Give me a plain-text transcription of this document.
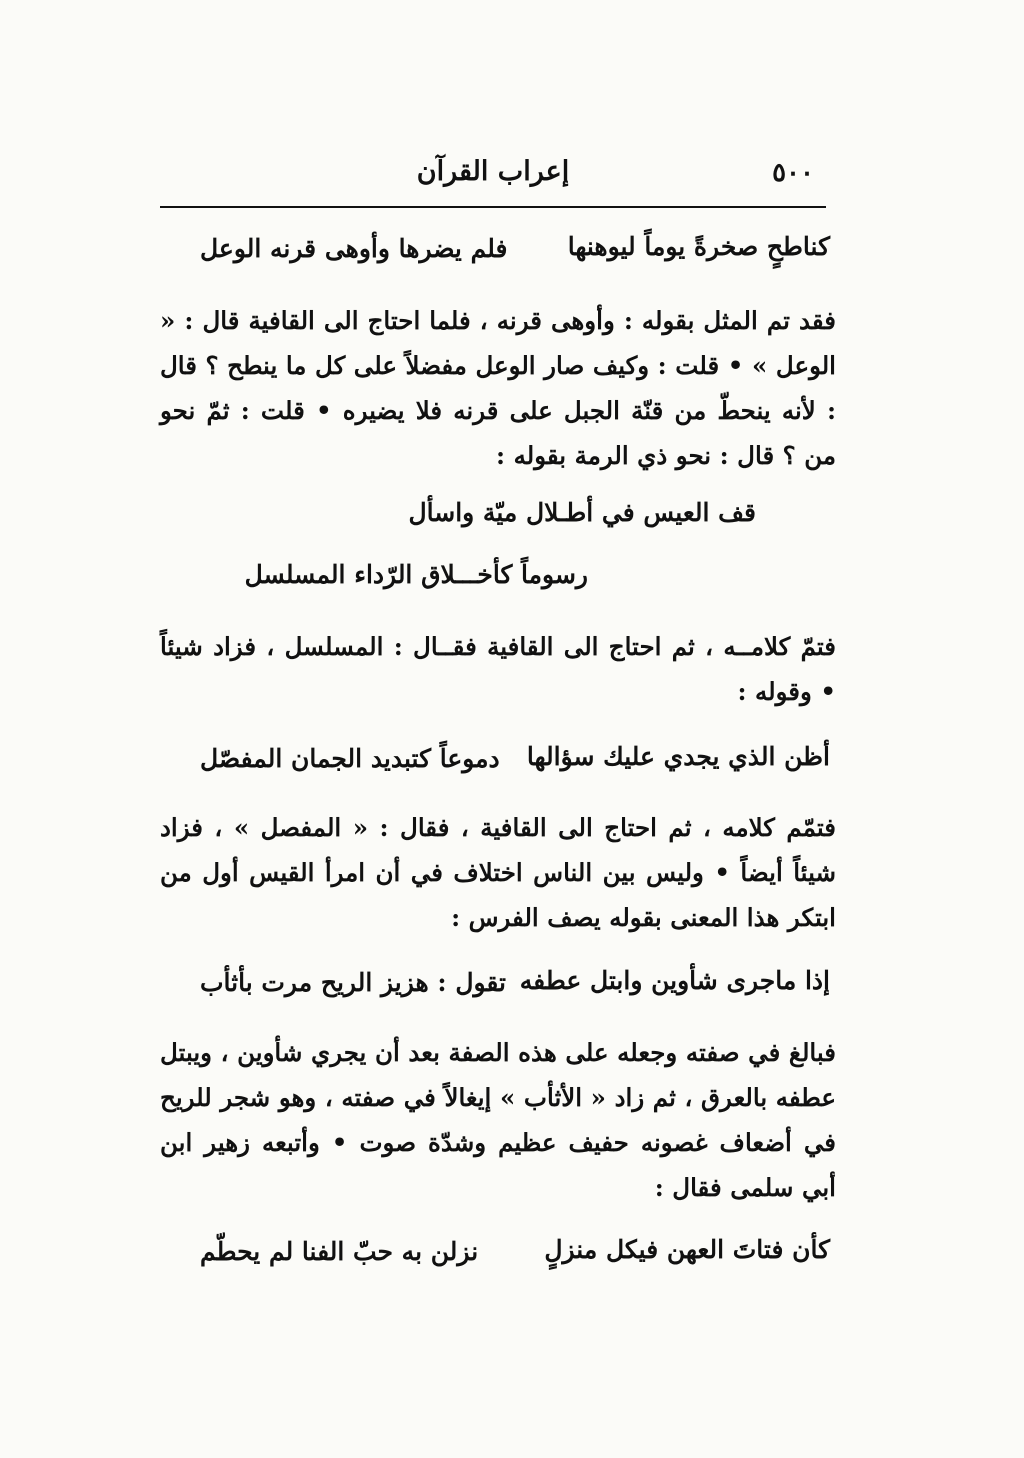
٥٠٠
إعراب القرآن
كناطحٍ صخرةً يوماً ليوهنها
فلم يضرها وأوهى قرنه الوعل

فقد تم المثل بقوله : وأوهى قرنه ، فلما احتاج الى القافية قال : « الوعل » • قلت : وكيف صار الوعل مفضلاً على كل ما ينطح ؟ قال : لأنه ينحطّ من قنّة الجبل على قرنه فلا يضيره • قلت : ثمّ نحو من ؟ قال : نحو ذي الرمة بقوله :

قف العيس في أطـلال ميّة واسأل
رسوماً كأخـــلاق الرّداء المسلسل

فتمّ كلامــه ، ثم احتاج الى القافية فقــال : المسلسل ، فزاد شيئاً • وقوله :

أظن الذي يجدي عليك سؤالها
دموعاً كتبديد الجمان المفصّل

فتمّم كلامه ، ثم احتاج الى القافية ، فقال : « المفصل » ، فزاد شيئاً أيضاً • وليس بين الناس اختلاف في أن امرأ القيس أول من ابتكر هذا المعنى بقوله يصف الفرس :

إذا ماجرى شأوين وابتل عطفه
تقول : هزيز الريح مرت بأثأب

فبالغ في صفته وجعله على هذه الصفة بعد أن يجري شأوين ، ويبتل عطفه بالعرق ، ثم زاد « الأثأب » إيغالاً في صفته ، وهو شجر للريح في أضعاف غصونه حفيف عظيم وشدّة صوت • وأتبعه زهير ابن أبي سلمى فقال :

كأن فتاتَ العهن فيكل منزلٍ
نزلن به حبّ الفنا لم يحطّم
